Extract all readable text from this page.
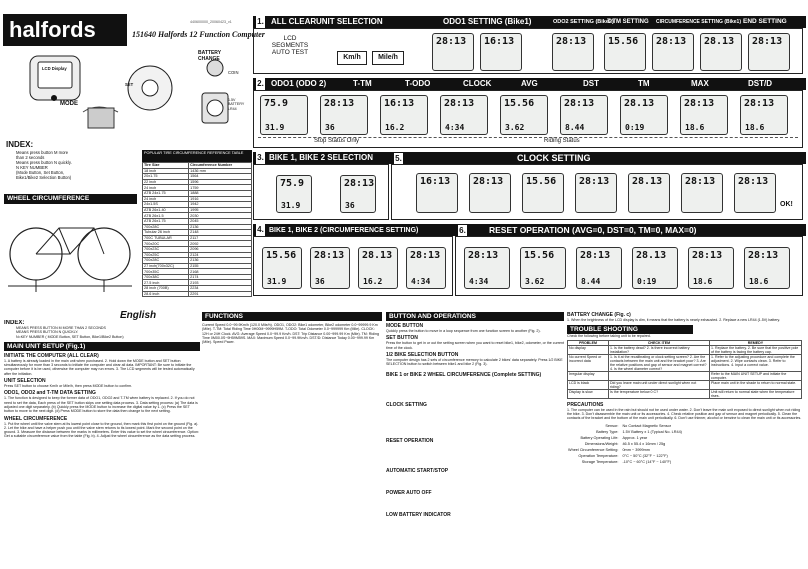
halfords	440600000_20060423_v1
151640 Halfords 12 Function Computer
LCD Display
MODE
BATTERY CHANGE
SET
COIN
1.5V BATTERY LR44
INDEX:
Means press button M more
than 2 seconds
Means press button N quickly.
N KEY NUMBER
(Mode Button, Set Button,
Bike1/Bike2 Selection Button)
WHEEL CIRCUMFERENCE
POPULAR TIRE CIRCUMFERENCE REFERENCE TABLE
Tire Size	Circumference Number
18 inch	1436 mm
20x1.75	1564
22 inch	1596
24 inch	1759
ATB 24x1.75	1888
24 inch	1916
24x1.5S	1942
ATB 26x1.40	1995
ATB 26x1.5	2030
ATB 26x1.75	2045
700x28C	2136
Tubular 26 inch	2148
700C TUBULAR	2117
700x20C	2092
700x23C	2096
700x25C	2124
700x28C	2136
27 inch(700x32C)	2155
700x35C	2168
700x38C	2174
27.5 inch	2193
28 inch (700B)	2234
28.6 inch	2291
1. ALL CLEAR UNIT SELECTION	ODO1 SETTING (Bike1)	ODO2 SETTING (Bike2)
T-TM SETTING CIRCUMFERENCE SETTING (Bike1) END SETTING
LCD SEGMENTS AUTO TEST
Km/h	Mile/h
28:13 16:13	28:13 15.56 28:13 28.13 28:13
2. ODO1 (ODO 2)	T-TM	T-ODO	CLOCK	AVG	DST	TM	MAX	DST/D
75.9
31.9
28:13
36
16:13
16.2
28:13
4:34
15.56
3.62
28:13
8.44
28.13
0:19
28:13
18.6
28:13
18.6
Stop Status Only	Riding Status
3. BIKE 1, BIKE 2 SELECTION
75.9
31.9
28:13
36
5.	CLOCK SETTING
16:13 28:13 15.56 28:13 28.13 28:13 28:13
OK!
4. BIKE 1, BIKE 2 (CIRCUMFERENCE SETTING)
15.56
31.9
28:13
36
28.13
16.2
28:13
4:34
6.	RESET OPERATION (AVG=0, DST=0, TM=0, MAX=0)
28:13
4:34
15.56
3.62
28:13
8.44
28.13
0:19
28:13
18.6
28:13
18.6
English
INDEX:
MEANS PRESS BUTTON M MORE THAN 2 SECONDS
MEANS PRESS BUTTON N QUICKLY.
N=KEY NUMBER ( MODE Button, SET Button, Bike1/Bike2 Button)
MAIN UNIT SETUP (Fig.1)
INITIATE THE COMPUTER (ALL CLEAR)
1. A battery is already loaded in the main unit when purchased. 2. Hold down the MODE button and SET button simultaneously for more than 3 seconds to initiate the computer and clear all data. IMPORTANT: Be sure to initiate the computer before it is be used, otherwise the computer may run errors. 3. The LCD segments will be tested automatically after the initiation.
UNIT SELECTION
Press SET button to choose Km/h or Mile/h, then press MODE button to confirm.
ODO1, ODO2 and T-TM DATA SETTING
1. The function is designed to keep the former data of ODO1, ODO2 and T-TM when battery is replaced. 2. If you do not need to set the data, Each press of the SET button skips one setting data process. 3. Data setting process: (a) The data is adjusted one digit separately. (b) Quickly press the MODE button to increase the digital value by 1. (c) Press the SET button to move to the next digit. (d) Press MODE button to store the data then change to the next setting.
WHEEL CIRCUMFERENCE
1. Put the wheel until the valve stem at its lowest point close to the ground, then mark this first point on the ground (Fig. a). 2. Let the bike and have a helper push you until the valve stem returns to its lowest point. Mark the second point on the ground. 3. Measure the distance between the marks in millimeters. Enter this value to set the wheel circumference. Option: Get a suitable circumference value from the table (Fig. b). 4. Adjust the wheel circumference as the data setting process.
FUNCTIONS
Current Speed 0.0~99.9Km/h (120.0 Mile/h). ODO1, ODO2: Bike1 odometer, Bike2 odometer 0.0~99999.9 Km (Mile). T-TM: Total Riding Time 0H00M~9999H59M. T-ODO: Total Odometer 0.0~999999 Km (Mile). CLOCK: 12H or 24H Clock. AVG: Average Speed 0.0~99.9 Km/h. DST: Trip Distance 0.00~999.99 Km (Mile). TM: Riding Time 0M00.0S~9H59M59S. MAX: Maximum Speed 0.0~99.9Km/h. DST/D: Distance Today 0.00~999.99 Km (Mile). Speed Pacer.
BUTTON AND OPERATIONS
MODE BUTTON
Quickly press the button to move in a loop sequence from one function screen to another (Fig. 2).
SET BUTTON
Press the button to get in or out the setting screen when you want to reset bike1, bike2, odometer, or the current time of the clock.
1/2 BIKE SELECTION BUTTON
The computer design has 2 sets of circumference memory to calculate 2 bikes' data separately. Press 1/2 BIKE SELECTION button to switch between bike1 and bike 2 (Fig. 3).
BIKE 1 or BIKE 2 WHEEL CIRCUMFERENCE (Complete SETTING)
CLOCK SETTING
RESET OPERATION
AUTOMATIC START/STOP
POWER AUTO OFF
LOW BATTERY INDICATOR
BATTERY CHANGE (Fig. c)
1. When the brightness of the LCD display is dim, it means that the battery is nearly exhausted. 2. Replace a new LR44 (1.5V) battery.
TROUBLE SHOOTING
Check the following before taking unit to be repaired.
PROBLEM	CHECK ITEM	REMEDY
No display	1. Is the battery dead? 2. Is there incorrect battery installation?	1. Replace the battery. 2. Be sure that the positive pole of the battery is facing the battery cap.
No current Speed or incorrect data	1. Is it at the recalibrating or clock setting screen? 2. Are the contacts between the main unit and the bracket poor? 3. Are the relative positions and gap of sensor and magnet correct? 4. Is the wheel diameter correct?	1. Refer to the adjusting procedure and complete the adjustment. 2. Wipe contacts clean. 3. Refer to instructions. 4. Input a correct value.
Irregular display		Refer to the MAIN UNIT SETUP and initiate the computer.
LCD is black	Did you leave main unit under direct sunlight when not riding?	Place main unit in the shade to return to normal state.
Display is slow	Is the temperature below 0 C?	Unit will return to normal state when the temperature rises.
PRECAUTIONS
1. The computer can be used in the rain but should not be used under water. 2. Don't leave the main unit exposed to direct sunlight when not riding the bike. 3. Don't disassemble the main unit or its accessories. 4. Check relative position and gap of sensor and magnet periodically. 5. Clean the contacts of the bracket and the bottom of the main unit periodically. 6. Don't use thinner, alcohol or benzine to clean the main unit or its accessories.
Sensor:	No Contact Magnetic Sensor
Battery Type:	1.5V Battery x 1 (Typical No. LR44)
Battery Operating Life:	Approx. 1 year
Dimensions/Weight:	46.5 x 55.4 x 16mm / 25g
Wheel Circumference Setting:	0mm ~ 3999mm
Operation Temperature:	0°C ~ 50°C (32°F ~ 122°F)
Storage Temperature:	-10°C ~ 60°C (14°F ~ 140°F)
